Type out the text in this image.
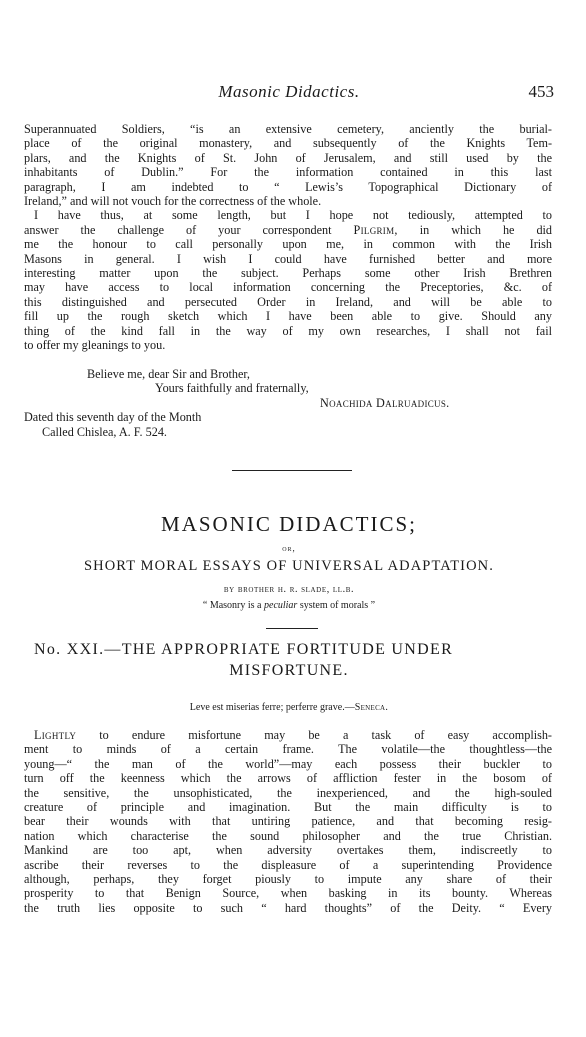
Masonic Didactics.	453
Superannuated Soldiers, “is an extensive cemetery, anciently the burial-
place of the original monastery, and subsequently of the Knights Tem-
plars, and the Knights of St. John of Jerusalem, and still used by the
inhabitants of Dublin.” For the information contained in this last
paragraph, I am indebted to “ Lewis’s Topographical Dictionary of
Ireland,” and will not vouch for the correctness of the whole.
I have thus, at some length, but I hope not tediously, attempted to
answer the challenge of your correspondent Pilgrim, in which he did
me the honour to call personally upon me, in common with the Irish
Masons in general. I wish I could have furnished better and more
interesting matter upon the subject. Perhaps some other Irish Brethren
may have access to local information concerning the Preceptories, &c. of
this distinguished and persecuted Order in Ireland, and will be able to
fill up the rough sketch which I have been able to give. Should any
thing of the kind fall in the way of my own researches, I shall not fail
to offer my gleanings to you.
Believe me, dear Sir and Brother,
Yours faithfully and fraternally,
Noachida Dalruadicus.
Dated this seventh day of the Month
Called Chislea, A. F. 524.
MASONIC DIDACTICS;
or,
SHORT MORAL ESSAYS OF UNIVERSAL ADAPTATION.
by brother h. r. slade, ll.b.
“ Masonry is a peculiar system of morals ”
No. XXI.—THE APPROPRIATE FORTITUDE UNDER
MISFORTUNE.
Leve est miserias ferre; perferre grave.—Seneca.
Lightly to endure misfortune may be a task of easy accomplish-
ment to minds of a certain frame. The volatile—the thoughtless—the
young—“ the man of the world”—may each possess their buckler to
turn off the keenness which the arrows of affliction fester in the bosom of
the sensitive, the unsophisticated, the inexperienced, and the high-souled
creature of principle and imagination. But the main difficulty is to
bear their wounds with that untiring patience, and that becoming resig-
nation which characterise the sound philosopher and the true Christian.
Mankind are too apt, when adversity overtakes them, indiscreetly to
ascribe their reverses to the displeasure of a superintending Providence
although, perhaps, they forget piously to impute any share of their
prosperity to that Benign Source, when basking in its bounty. Whereas
the truth lies opposite to such “ hard thoughts” of the Deity. “ Every
